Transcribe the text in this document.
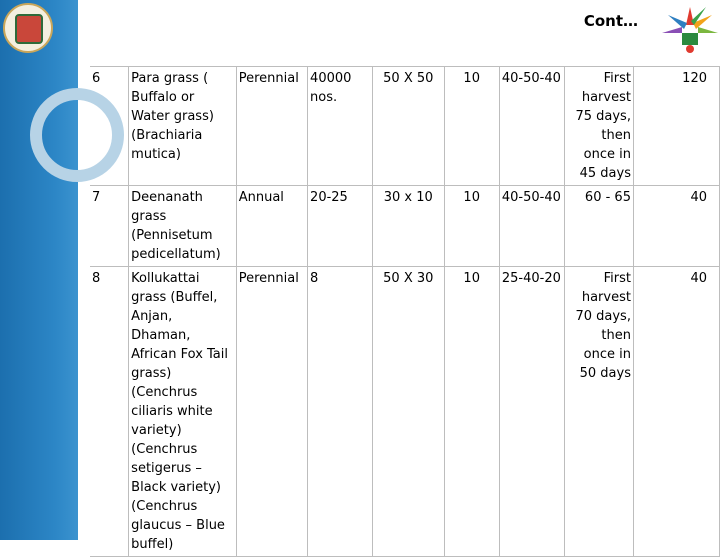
Cont…
6	Para grass ( Buffalo or Water grass) (Brachiaria mutica)	Perennial	40000 nos.	50 X 50	10	40-50-40	First harvest 75 days, then once in 45 days	120
7	Deenanath grass (Pennisetum pedicellatum)	Annual	20-25	30 x 10	10	40-50-40	60 - 65	40
8	Kollukattai grass (Buffel, Anjan, Dhaman, African Fox Tail grass) (Cenchrus ciliaris white variety) (Cenchrus setigerus – Black variety) (Cenchrus glaucus – Blue buffel)	Perennial	8	50 X 30	10	25-40-20	First harvest 70 days, then once in 50 days	40
